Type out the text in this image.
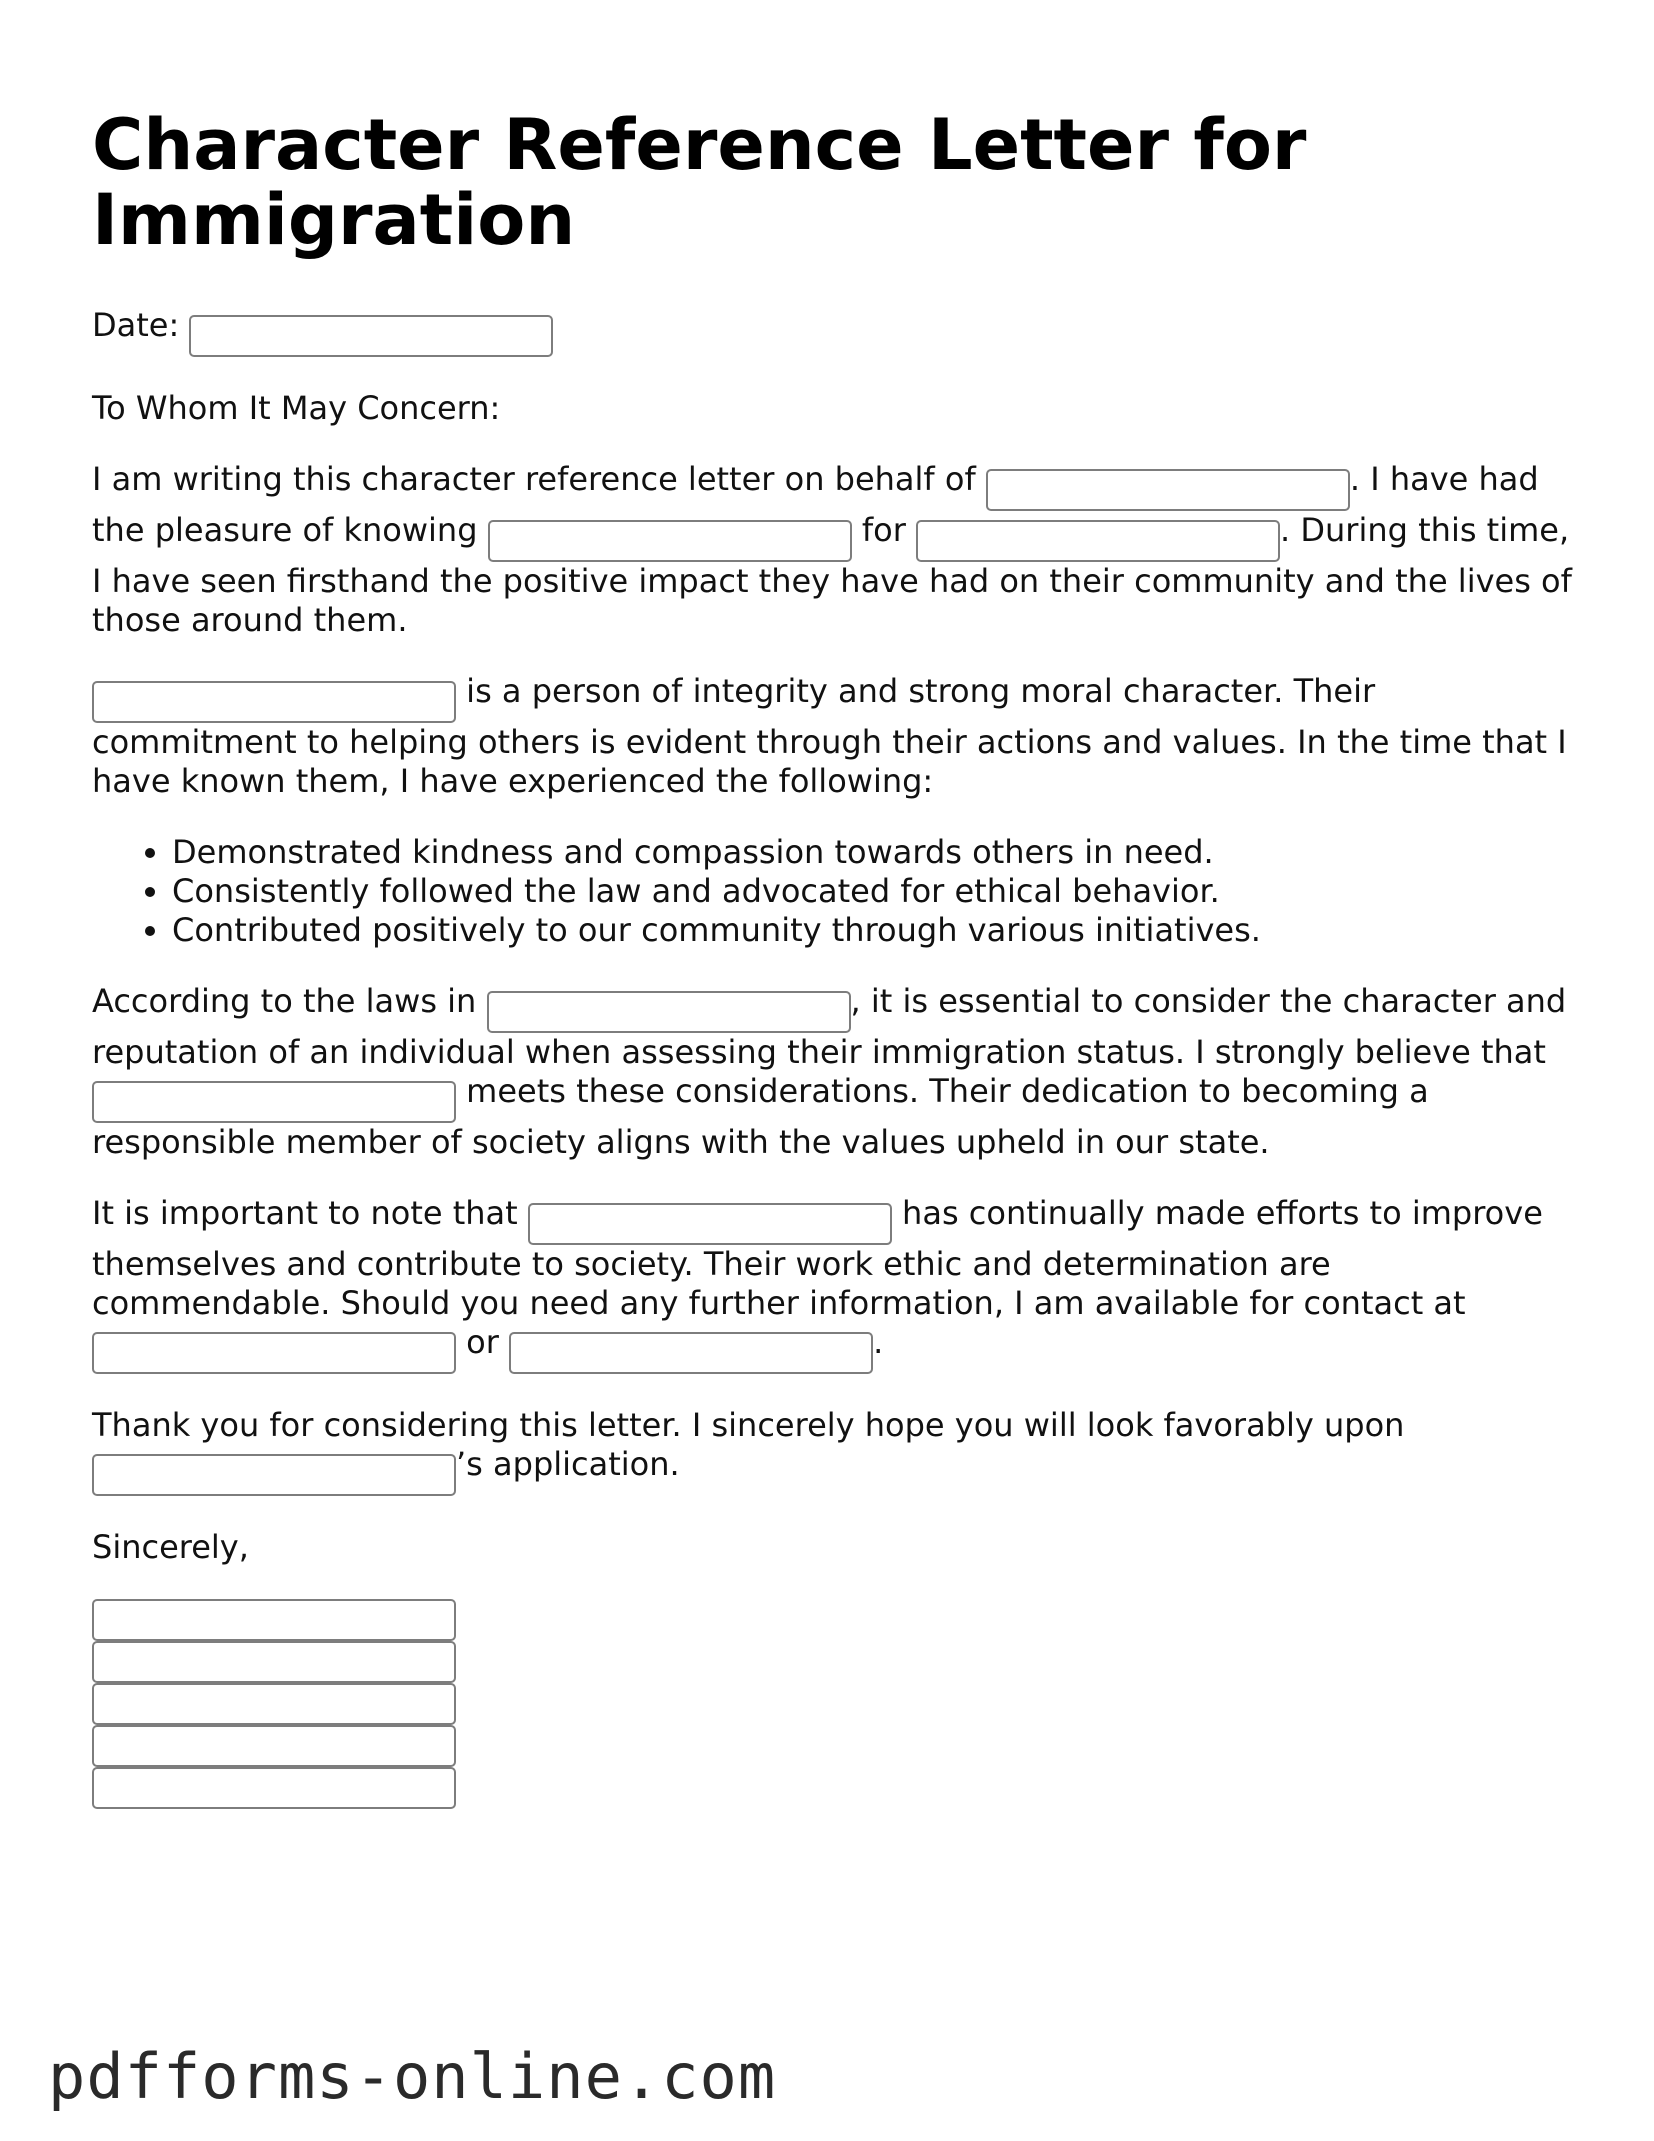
Character Reference Letter for Immigration

Date:

To Whom It May Concern:

I am writing this character reference letter on behalf of	. I have had the pleasure of knowing	for	. During this time, I have seen firsthand the positive impact they have had on their community and the lives of those around them.

is a person of integrity and strong moral character. Their commitment to helping others is evident through their actions and values. In the time that I have known them, I have experienced the following:

• Demonstrated kindness and compassion towards others in need.
• Consistently followed the law and advocated for ethical behavior.
• Contributed positively to our community through various initiatives.

According to the laws in	, it is essential to consider the character and reputation of an individual when assessing their immigration status. I strongly believe that  meets these considerations. Their dedication to becoming a responsible member of society aligns with the values upheld in our state.

It is important to note that	has continually made efforts to improve themselves and contribute to society. Their work ethic and determination are commendable. Should you need any further information, I am available for contact at  or	.

Thank you for considering this letter. I sincerely hope you will look favorably upon ’s application.

Sincerely,

pdfforms-online.com
